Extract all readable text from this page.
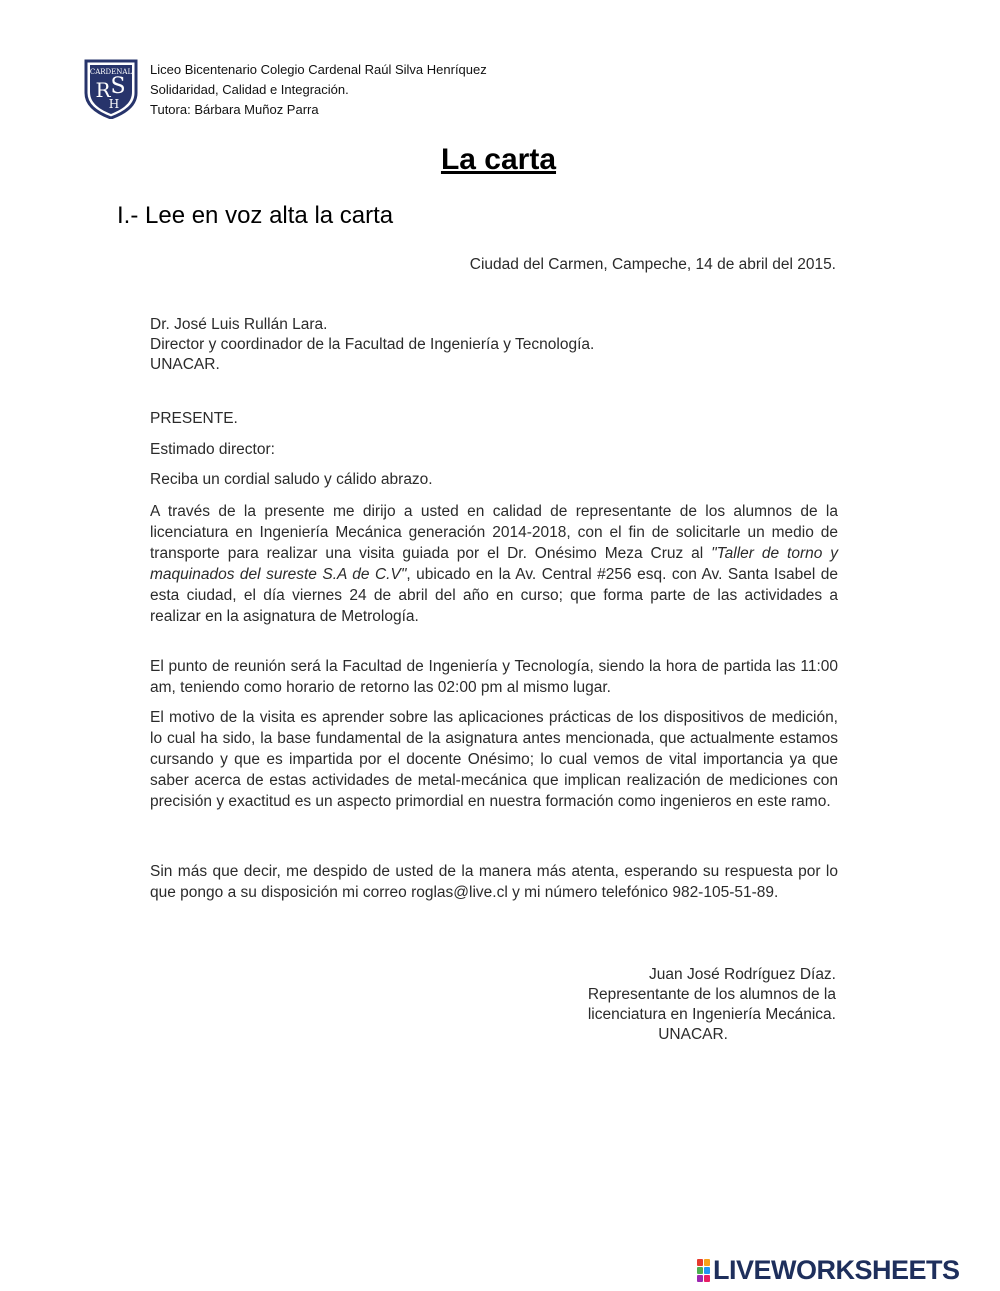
CARDENAL
R S
H
Liceo Bicentenario Colegio Cardenal Raúl Silva Henríquez
Solidaridad, Calidad e Integración.
Tutora: Bárbara Muñoz Parra
La carta
I.- Lee en voz alta la carta
Ciudad del Carmen, Campeche, 14 de abril del 2015.
Dr. José Luis Rullán Lara.
Director y coordinador de la Facultad de Ingeniería y Tecnología.
UNACAR.
PRESENTE.
Estimado director:
Reciba un cordial saludo y cálido abrazo.

A través de la presente me dirijo a usted en calidad de representante de los alumnos de la licenciatura en Ingeniería Mecánica generación 2014-2018, con el fin de solicitarle un medio de transporte para realizar una visita guiada por el Dr. Onésimo Meza Cruz al "Taller de torno y maquinados del sureste S.A de C.V", ubicado en la Av. Central #256 esq. con Av. Santa Isabel de esta ciudad, el día viernes 24 de abril del año en curso; que forma parte de las actividades a realizar en la asignatura de Metrología.

El punto de reunión será la Facultad de Ingeniería y Tecnología, siendo la hora de partida las 11:00 am, teniendo como horario de retorno las 02:00 pm al mismo lugar.

El motivo de la visita es aprender sobre las aplicaciones prácticas de los dispositivos de medición, lo cual ha sido, la base fundamental de la asignatura antes mencionada, que actualmente estamos cursando y que es impartida por el docente Onésimo; lo cual vemos de vital importancia ya que saber acerca de estas actividades de metal-mecánica que implican realización de mediciones con precisión y exactitud es un aspecto primordial en nuestra formación como ingenieros en este ramo.

Sin más que decir, me despido de usted de la manera más atenta, esperando su respuesta por lo que pongo a su disposición mi correo roglas@live.cl y mi número telefónico 982-105-51-89.

Juan José Rodríguez Díaz.
Representante de los alumnos de la
licenciatura en Ingeniería Mecánica.
UNACAR.
LIVEWORKSHEETS
